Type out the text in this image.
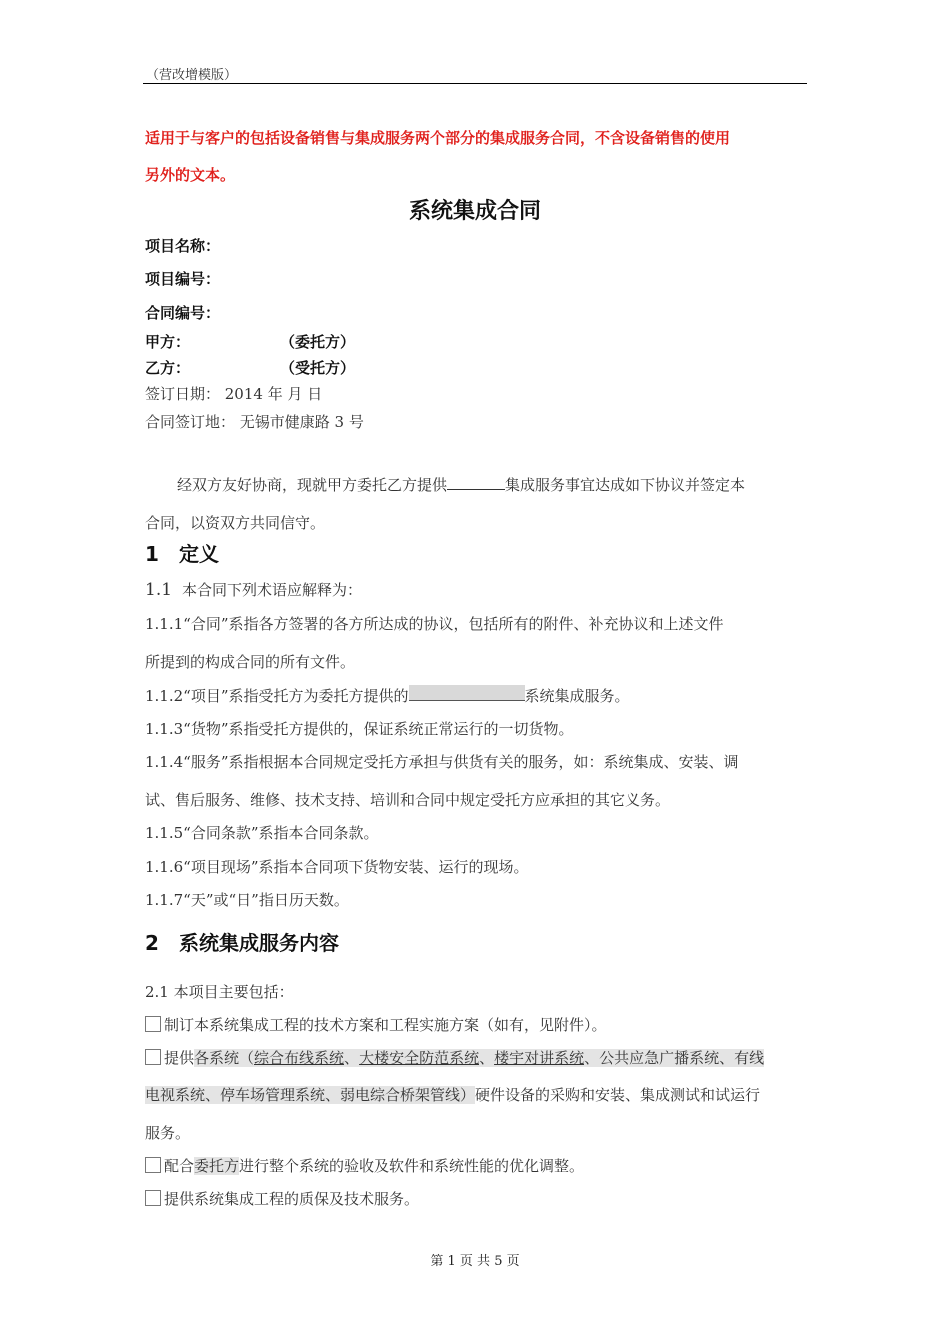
（营改增模版）
适用于与客户的包括设备销售与集成服务两个部分的集成服务合同，不含设备销售的使用
另外的文本。
系统集成合同
项目名称：
项目编号：
合同编号：
甲方：	（委托方）
乙方：	（受托方）
签订日期： 2014 年 月 日
合同签订地： 无锡市健康路 3 号
经双方友好协商，现就甲方委托乙方提供	集成服务事宜达成如下协议并签定本
合同，以资双方共同信守。
1 定义
1.1 本合同下列术语应解释为：
1.1.1“合同”系指各方签署的各方所达成的协议，包括所有的附件、补充协议和上述文件
所提到的构成合同的所有文件。
1.1.2“项目”系指受托方为委托方提供的	系统集成服务。
1.1.3“货物”系指受托方提供的，保证系统正常运行的一切货物。
1.1.4“服务”系指根据本合同规定受托方承担与供货有关的服务，如：系统集成、安装、调
试、售后服务、维修、技术支持、培训和合同中规定受托方应承担的其它义务。
1.1.5“合同条款”系指本合同条款。
1.1.6“项目现场”系指本合同项下货物安装、运行的现场。
1.1.7“天”或“日”指日历天数。
2 系统集成服务内容
2.1 本项目主要包括：
制订本系统集成工程的技术方案和工程实施方案（如有，见附件）。
提供各系统（综合布线系统、大楼安全防范系统、楼宇对讲系统、公共应急广播系统、有线
电视系统、停车场管理系统、弱电综合桥架管线）硬件设备的采购和安装、集成测试和试运行
服务。
配合委托方进行整个系统的验收及软件和系统性能的优化调整。
提供系统集成工程的质保及技术服务。
第 1 页 共 5 页
